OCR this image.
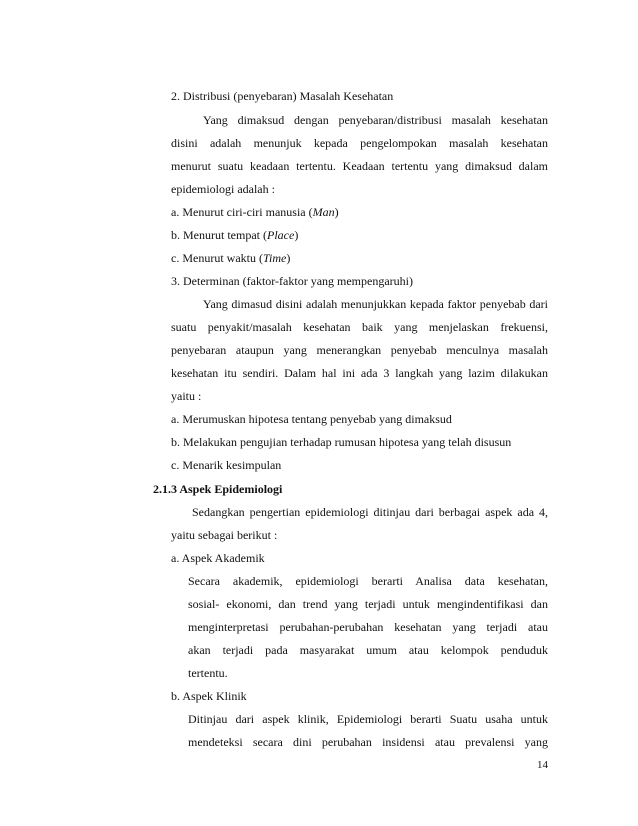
2. Distribusi (penyebaran) Masalah Kesehatan
Yang dimaksud dengan penyebaran/distribusi masalah kesehatan
disini adalah menunjuk kepada pengelompokan masalah kesehatan
menurut suatu keadaan tertentu. Keadaan tertentu yang dimaksud dalam
epidemiologi adalah :
a. Menurut ciri-ciri manusia (Man)
b. Menurut tempat (Place)
c. Menurut waktu (Time)
3. Determinan (faktor-faktor yang mempengaruhi)
Yang dimasud disini adalah menunjukkan kepada faktor penyebab dari
suatu penyakit/masalah kesehatan baik yang menjelaskan frekuensi,
penyebaran ataupun yang menerangkan penyebab menculnya masalah
kesehatan itu sendiri. Dalam hal ini ada 3 langkah yang lazim dilakukan
yaitu :
a. Merumuskan hipotesa tentang penyebab yang dimaksud
b. Melakukan pengujian terhadap rumusan hipotesa yang telah disusun
c. Menarik kesimpulan
2.1.3 Aspek Epidemiologi
Sedangkan pengertian epidemiologi ditinjau dari berbagai aspek ada 4,
yaitu sebagai berikut :
a. Aspek Akademik
Secara akademik, epidemiologi berarti Analisa data kesehatan,
sosial- ekonomi, dan trend yang terjadi untuk mengindentifikasi dan
menginterpretasi perubahan-perubahan kesehatan yang terjadi atau
akan terjadi pada masyarakat umum atau kelompok penduduk
tertentu.
b. Aspek Klinik
Ditinjau dari aspek klinik, Epidemiologi berarti Suatu usaha untuk
mendeteksi secara dini perubahan insidensi atau prevalensi yang
14
